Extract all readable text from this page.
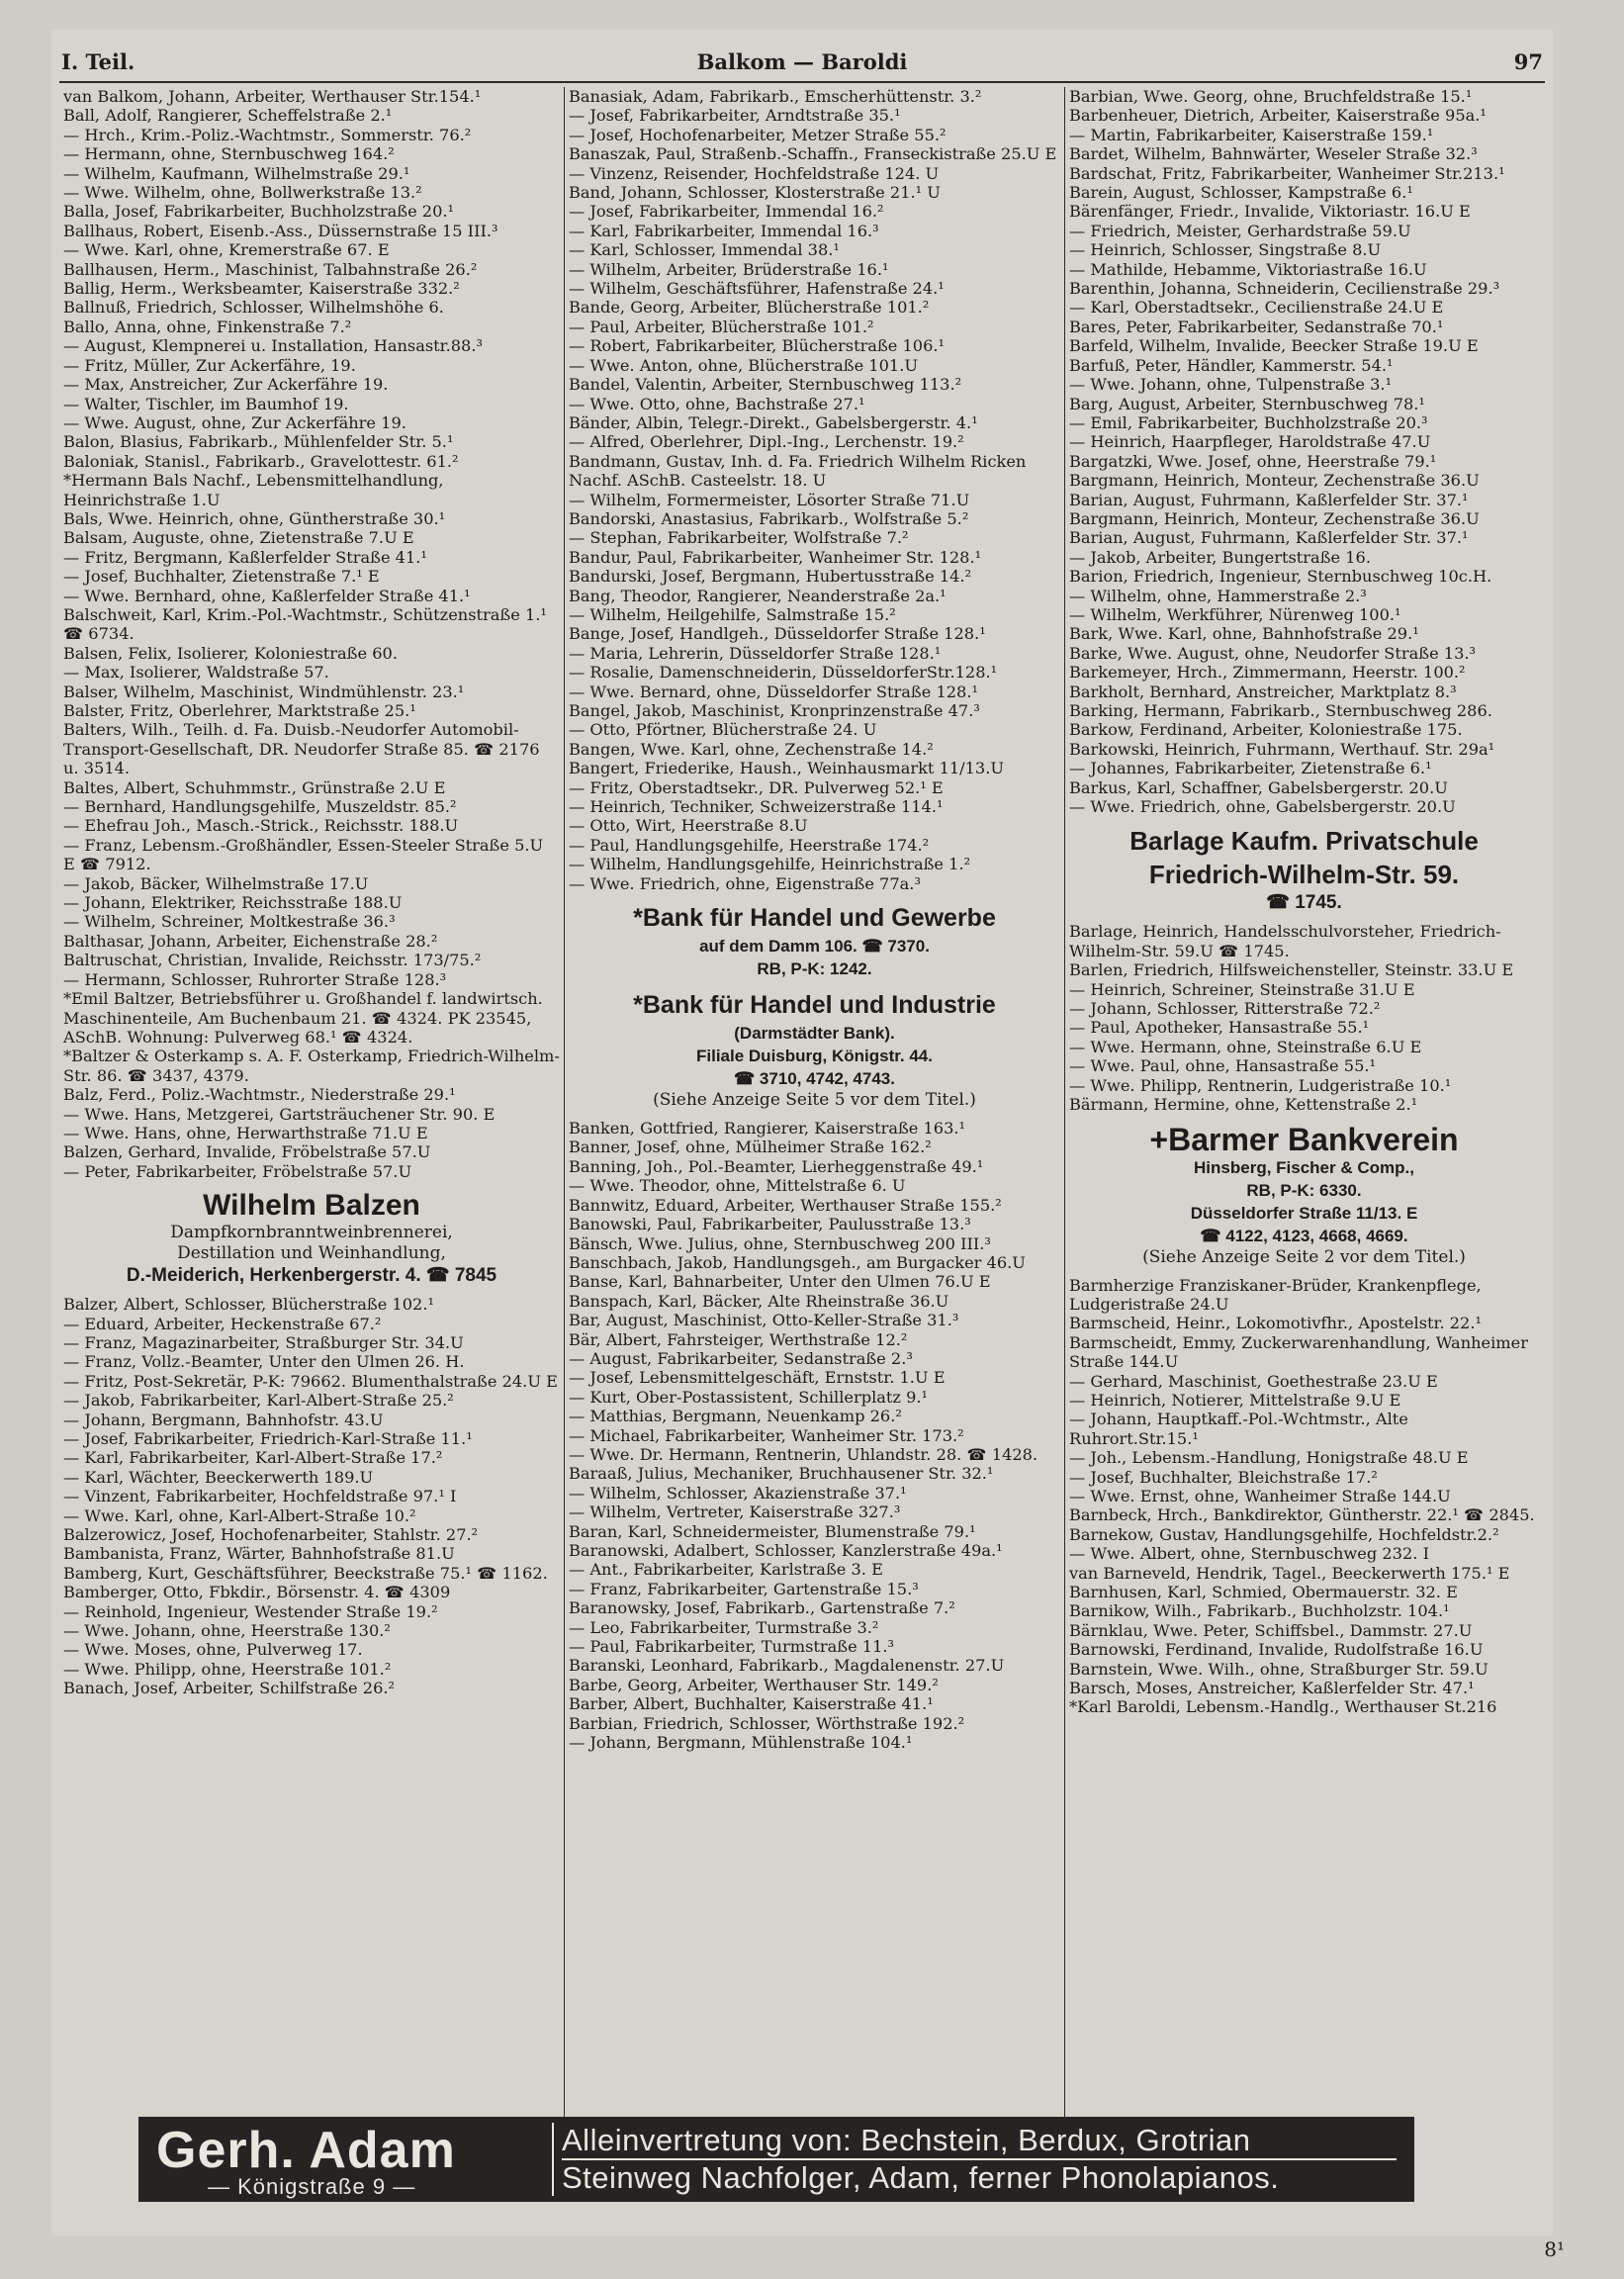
I. Teil.	Balkom — Baroldi	97
van Balkom, Johann, Arbeiter, Werthauser Str.154.¹
Ball, Adolf, Rangierer, Scheffelstraße 2.¹
— Hrch., Krim.-Poliz.-Wachtmstr., Sommerstr. 76.²
— Hermann, ohne, Sternbuschweg 164.²
— Wilhelm, Kaufmann, Wilhelmstraße 29.¹
— Wwe. Wilhelm, ohne, Bollwerkstraße 13.²
Balla, Josef, Fabrikarbeiter, Buchholzstraße 20.¹
Ballhaus, Robert, Eisenb.-Ass., Düssernstraße 15 III.³
— Wwe. Karl, ohne, Kremerstraße 67. E
Ballhausen, Herm., Maschinist, Talbahnstraße 26.²
Ballig, Herm., Werksbeamter, Kaiserstraße 332.²
Ballnuß, Friedrich, Schlosser, Wilhelmshöhe 6.
Ballo, Anna, ohne, Finkenstraße 7.²
— August, Klempnerei u. Installation, Hansastr.88.³
— Fritz, Müller, Zur Ackerfähre, 19.
— Max, Anstreicher, Zur Ackerfähre 19.
— Walter, Tischler, im Baumhof 19.
— Wwe. August, ohne, Zur Ackerfähre 19.
Balon, Blasius, Fabrikarb., Mühlenfelder Str. 5.¹
Baloniak, Stanisl., Fabrikarb., Gravelottestr. 61.²
*Hermann Bals Nachf., Lebensmittelhandlung, Heinrichstraße 1.U
Bals, Wwe. Heinrich, ohne, Güntherstraße 30.¹
Balsam, Auguste, ohne, Zietenstraße 7.U E
— Fritz, Bergmann, Kaßlerfelder Straße 41.¹
— Josef, Buchhalter, Zietenstraße 7.¹ E
— Wwe. Bernhard, ohne, Kaßlerfelder Straße 41.¹
Balschweit, Karl, Krim.-Pol.-Wachtmstr., Schützenstraße 1.¹ ☎ 6734.
Balsen, Felix, Isolierer, Koloniestraße 60.
— Max, Isolierer, Waldstraße 57.
Balser, Wilhelm, Maschinist, Windmühlenstr. 23.¹
Balster, Fritz, Oberlehrer, Marktstraße 25.¹
Balters, Wilh., Teilh. d. Fa. Duisb.-Neudorfer Automobil-Transport-Gesellschaft, DR. Neudorfer Straße 85. ☎ 2176 u. 3514.
Baltes, Albert, Schuhmmstr., Grünstraße 2.U E
— Bernhard, Handlungsgehilfe, Muszeldstr. 85.²
— Ehefrau Joh., Masch.-Strick., Reichsstr. 188.U
— Franz, Lebensm.-Großhändler, Essen-Steeler Straße 5.U E ☎ 7912.
— Jakob, Bäcker, Wilhelmstraße 17.U
— Johann, Elektriker, Reichsstraße 188.U
— Wilhelm, Schreiner, Moltkestraße 36.³
Balthasar, Johann, Arbeiter, Eichenstraße 28.²
Baltruschat, Christian, Invalide, Reichsstr. 173/75.²
— Hermann, Schlosser, Ruhrorter Straße 128.³
*Emil Baltzer, Betriebsführer u. Großhandel f. landwirtsch. Maschinenteile, Am Buchenbaum 21. ☎ 4324. PK 23545, ASchB. Wohnung: Pulverweg 68.¹ ☎ 4324.
*Baltzer & Osterkamp s. A. F. Osterkamp, Friedrich-Wilhelm-Str. 86. ☎ 3437, 4379.
Balz, Ferd., Poliz.-Wachtmstr., Niederstraße 29.¹
— Wwe. Hans, Metzgerei, Gartsträuchener Str. 90. E
— Wwe. Hans, ohne, Herwarthstraße 71.U E
Balzen, Gerhard, Invalide, Fröbelstraße 57.U
— Peter, Fabrikarbeiter, Fröbelstraße 57.U
Wilhelm Balzen
Dampfkornbranntweinbrennerei,
Destillation und Weinhandlung,
D.-Meiderich, Herkenbergerstr. 4. ☎ 7845
Balzer, Albert, Schlosser, Blücherstraße 102.¹
— Eduard, Arbeiter, Heckenstraße 67.²
— Franz, Magazinarbeiter, Straßburger Str. 34.U
— Franz, Vollz.-Beamter, Unter den Ulmen 26. H.
— Fritz, Post-Sekretär, P-K: 79662. Blumenthalstraße 24.U E
— Jakob, Fabrikarbeiter, Karl-Albert-Straße 25.²
— Johann, Bergmann, Bahnhofstr. 43.U
— Josef, Fabrikarbeiter, Friedrich-Karl-Straße 11.¹
— Karl, Fabrikarbeiter, Karl-Albert-Straße 17.²
— Karl, Wächter, Beeckerwerth 189.U
— Vinzent, Fabrikarbeiter, Hochfeldstraße 97.¹ I
— Wwe. Karl, ohne, Karl-Albert-Straße 10.²
Balzerowicz, Josef, Hochofenarbeiter, Stahlstr. 27.²
Bambanista, Franz, Wärter, Bahnhofstraße 81.U
Bamberg, Kurt, Geschäftsführer, Beeckstraße 75.¹ ☎ 1162.
Bamberger, Otto, Fbkdir., Börsenstr. 4. ☎ 4309
— Reinhold, Ingenieur, Westender Straße 19.²
— Wwe. Johann, ohne, Heerstraße 130.²
— Wwe. Moses, ohne, Pulverweg 17.
— Wwe. Philipp, ohne, Heerstraße 101.²
Banach, Josef, Arbeiter, Schilfstraße 26.²
Banasiak, Adam, Fabrikarb., Emscherhüttenstr. 3.²
— Josef, Fabrikarbeiter, Arndtstraße 35.¹
— Josef, Hochofenarbeiter, Metzer Straße 55.²
Banaszak, Paul, Straßenb.-Schaffn., Franseckistraße 25.U E
— Vinzenz, Reisender, Hochfeldstraße 124. U
Band, Johann, Schlosser, Klosterstraße 21.¹ U
— Josef, Fabrikarbeiter, Immendal 16.²
— Karl, Fabrikarbeiter, Immendal 16.³
— Karl, Schlosser, Immendal 38.¹
— Wilhelm, Arbeiter, Brüderstraße 16.¹
— Wilhelm, Geschäftsführer, Hafenstraße 24.¹
Bande, Georg, Arbeiter, Blücherstraße 101.²
— Paul, Arbeiter, Blücherstraße 101.²
— Robert, Fabrikarbeiter, Blücherstraße 106.¹
— Wwe. Anton, ohne, Blücherstraße 101.U
Bandel, Valentin, Arbeiter, Sternbuschweg 113.²
— Wwe. Otto, ohne, Bachstraße 27.¹
Bänder, Albin, Telegr.-Direkt., Gabelsbergerstr. 4.¹
— Alfred, Oberlehrer, Dipl.-Ing., Lerchenstr. 19.²
Bandmann, Gustav, Inh. d. Fa. Friedrich Wilhelm Ricken Nachf. ASchB. Casteelstr. 18. U
— Wilhelm, Formermeister, Lösorter Straße 71.U
Bandorski, Anastasius, Fabrikarb., Wolfstraße 5.²
— Stephan, Fabrikarbeiter, Wolfstraße 7.²
Bandur, Paul, Fabrikarbeiter, Wanheimer Str. 128.¹
Bandurski, Josef, Bergmann, Hubertusstraße 14.²
Bang, Theodor, Rangierer, Neanderstraße 2a.¹
— Wilhelm, Heilgehilfe, Salmstraße 15.²
Bange, Josef, Handlgeh., Düsseldorfer Straße 128.¹
— Maria, Lehrerin, Düsseldorfer Straße 128.¹
— Rosalie, Damenschneiderin, DüsseldorferStr.128.¹
— Wwe. Bernard, ohne, Düsseldorfer Straße 128.¹
Bangel, Jakob, Maschinist, Kronprinzenstraße 47.³
— Otto, Pförtner, Blücherstraße 24. U
Bangen, Wwe. Karl, ohne, Zechenstraße 14.²
Bangert, Friederike, Haush., Weinhausmarkt 11/13.U
— Fritz, Oberstadtsekr., DR. Pulverweg 52.¹ E
— Heinrich, Techniker, Schweizerstraße 114.¹
— Otto, Wirt, Heerstraße 8.U
— Paul, Handlungsgehilfe, Heerstraße 174.²
— Wilhelm, Handlungsgehilfe, Heinrichstraße 1.²
— Wwe. Friedrich, ohne, Eigenstraße 77a.³
*Bank für Handel und Gewerbe
auf dem Damm 106. ☎ 7370.
RB, P-K: 1242.
*Bank für Handel und Industrie
(Darmstädter Bank).
Filiale Duisburg, Königstr. 44.
☎ 3710, 4742, 4743.
(Siehe Anzeige Seite 5 vor dem Titel.)
Banken, Gottfried, Rangierer, Kaiserstraße 163.¹
Banner, Josef, ohne, Mülheimer Straße 162.²
Banning, Joh., Pol.-Beamter, Lierheggenstraße 49.¹
— Wwe. Theodor, ohne, Mittelstraße 6. U
Bannwitz, Eduard, Arbeiter, Werthauser Straße 155.²
Banowski, Paul, Fabrikarbeiter, Paulusstraße 13.³
Bänsch, Wwe. Julius, ohne, Sternbuschweg 200 III.³
Banschbach, Jakob, Handlungsgeh., am Burgacker 46.U
Banse, Karl, Bahnarbeiter, Unter den Ulmen 76.U E
Banspach, Karl, Bäcker, Alte Rheinstraße 36.U
Bar, August, Maschinist, Otto-Keller-Straße 31.³
Bär, Albert, Fahrsteiger, Werthstraße 12.²
— August, Fabrikarbeiter, Sedanstraße 2.³
— Josef, Lebensmittelgeschäft, Ernststr. 1.U E
— Kurt, Ober-Postassistent, Schillerplatz 9.¹
— Matthias, Bergmann, Neuenkamp 26.²
— Michael, Fabrikarbeiter, Wanheimer Str. 173.²
— Wwe. Dr. Hermann, Rentnerin, Uhlandstr. 28. ☎ 1428.
Baraaß, Julius, Mechaniker, Bruchhausener Str. 32.¹
— Wilhelm, Schlosser, Akazienstraße 37.¹
— Wilhelm, Vertreter, Kaiserstraße 327.³
Baran, Karl, Schneidermeister, Blumenstraße 79.¹
Baranowski, Adalbert, Schlosser, Kanzlerstraße 49a.¹
— Ant., Fabrikarbeiter, Karlstraße 3. E
— Franz, Fabrikarbeiter, Gartenstraße 15.³
Baranowsky, Josef, Fabrikarb., Gartenstraße 7.²
— Leo, Fabrikarbeiter, Turmstraße 3.²
— Paul, Fabrikarbeiter, Turmstraße 11.³
Baranski, Leonhard, Fabrikarb., Magdalenenstr. 27.U
Barbe, Georg, Arbeiter, Werthauser Str. 149.²
Barber, Albert, Buchhalter, Kaiserstraße 41.¹
Barbian, Friedrich, Schlosser, Wörthstraße 192.²
— Johann, Bergmann, Mühlenstraße 104.¹
Barbian, Wwe. Georg, ohne, Bruchfeldstraße 15.¹
Barbenheuer, Dietrich, Arbeiter, Kaiserstraße 95a.¹
— Martin, Fabrikarbeiter, Kaiserstraße 159.¹
Bardet, Wilhelm, Bahnwärter, Weseler Straße 32.³
Bardschat, Fritz, Fabrikarbeiter, Wanheimer Str.213.¹
Barein, August, Schlosser, Kampstraße 6.¹
Bärenfänger, Friedr., Invalide, Viktoriastr. 16.U E
— Friedrich, Meister, Gerhardstraße 59.U
— Heinrich, Schlosser, Singstraße 8.U
— Mathilde, Hebamme, Viktoriastraße 16.U
Barenthin, Johanna, Schneiderin, Cecilienstraße 29.³
— Karl, Oberstadtsekr., Cecilienstraße 24.U E
Bares, Peter, Fabrikarbeiter, Sedanstraße 70.¹
Barfeld, Wilhelm, Invalide, Beecker Straße 19.U E
Barfuß, Peter, Händler, Kammerstr. 54.¹
— Wwe. Johann, ohne, Tulpenstraße 3.¹
Barg, August, Arbeiter, Sternbuschweg 78.¹
— Emil, Fabrikarbeiter, Buchholzstraße 20.³
— Heinrich, Haarpfleger, Haroldstraße 47.U
Bargatzki, Wwe. Josef, ohne, Heerstraße 79.¹
Bargmann, Heinrich, Monteur, Zechenstraße 36.U
Barian, August, Fuhrmann, Kaßlerfelder Str. 37.¹
Bargmann, Heinrich, Monteur, Zechenstraße 36.U
Barian, August, Fuhrmann, Kaßlerfelder Str. 37.¹
— Jakob, Arbeiter, Bungertstraße 16.
Barion, Friedrich, Ingenieur, Sternbuschweg 10c.H.
— Wilhelm, ohne, Hammerstraße 2.³
— Wilhelm, Werkführer, Nürenweg 100.¹
Bark, Wwe. Karl, ohne, Bahnhofstraße 29.¹
Barke, Wwe. August, ohne, Neudorfer Straße 13.³
Barkemeyer, Hrch., Zimmermann, Heerstr. 100.²
Barkholt, Bernhard, Anstreicher, Marktplatz 8.³
Barking, Hermann, Fabrikarb., Sternbuschweg 286.
Barkow, Ferdinand, Arbeiter, Koloniestraße 175.
Barkowski, Heinrich, Fuhrmann, Werthauf. Str. 29a¹
— Johannes, Fabrikarbeiter, Zietenstraße 6.¹
Barkus, Karl, Schaffner, Gabelsbergerstr. 20.U
— Wwe. Friedrich, ohne, Gabelsbergerstr. 20.U
Barlage Kaufm. Privatschule
Friedrich-Wilhelm-Str. 59.
☎ 1745.
Barlage, Heinrich, Handelsschulvorsteher, Friedrich-Wilhelm-Str. 59.U ☎ 1745.
Barlen, Friedrich, Hilfsweichensteller, Steinstr. 33.U E
— Heinrich, Schreiner, Steinstraße 31.U E
— Johann, Schlosser, Ritterstraße 72.²
— Paul, Apotheker, Hansastraße 55.¹
— Wwe. Hermann, ohne, Steinstraße 6.U E
— Wwe. Paul, ohne, Hansastraße 55.¹
— Wwe. Philipp, Rentnerin, Ludgeristraße 10.¹
Bärmann, Hermine, ohne, Kettenstraße 2.¹
+Barmer Bankverein
Hinsberg, Fischer & Comp.,
RB, P-K: 6330.
Düsseldorfer Straße 11/13. E
☎ 4122, 4123, 4668, 4669.
(Siehe Anzeige Seite 2 vor dem Titel.)
Barmherzige Franziskaner-Brüder, Krankenpflege, Ludgeristraße 24.U
Barmscheid, Heinr., Lokomotivfhr., Apostelstr. 22.¹
Barmscheidt, Emmy, Zuckerwarenhandlung, Wanheimer Straße 144.U
— Gerhard, Maschinist, Goethestraße 23.U E
— Heinrich, Notierer, Mittelstraße 9.U E
— Johann, Hauptkaff.-Pol.-Wchtmstr., Alte Ruhrort.Str.15.¹
— Joh., Lebensm.-Handlung, Honigstraße 48.U E
— Josef, Buchhalter, Bleichstraße 17.²
— Wwe. Ernst, ohne, Wanheimer Straße 144.U
Barnbeck, Hrch., Bankdirektor, Güntherstr. 22.¹ ☎ 2845.
Barnekow, Gustav, Handlungsgehilfe, Hochfeldstr.2.²
— Wwe. Albert, ohne, Sternbuschweg 232. I
van Barneveld, Hendrik, Tagel., Beeckerwerth 175.¹ E
Barnhusen, Karl, Schmied, Obermauerstr. 32. E
Barnikow, Wilh., Fabrikarb., Buchholzstr. 104.¹
Bärnklau, Wwe. Peter, Schiffsbel., Dammstr. 27.U
Barnowski, Ferdinand, Invalide, Rudolfstraße 16.U
Barnstein, Wwe. Wilh., ohne, Straßburger Str. 59.U
Barsch, Moses, Anstreicher, Kaßlerfelder Str. 47.¹
*Karl Baroldi, Lebensm.-Handlg., Werthauser St.216
Gerh. Adam
— Königstraße 9 —
Alleinvertretung von: Bechstein, Berdux, Grotrian
Steinweg Nachfolger, Adam, ferner Phonolapianos.
8¹
